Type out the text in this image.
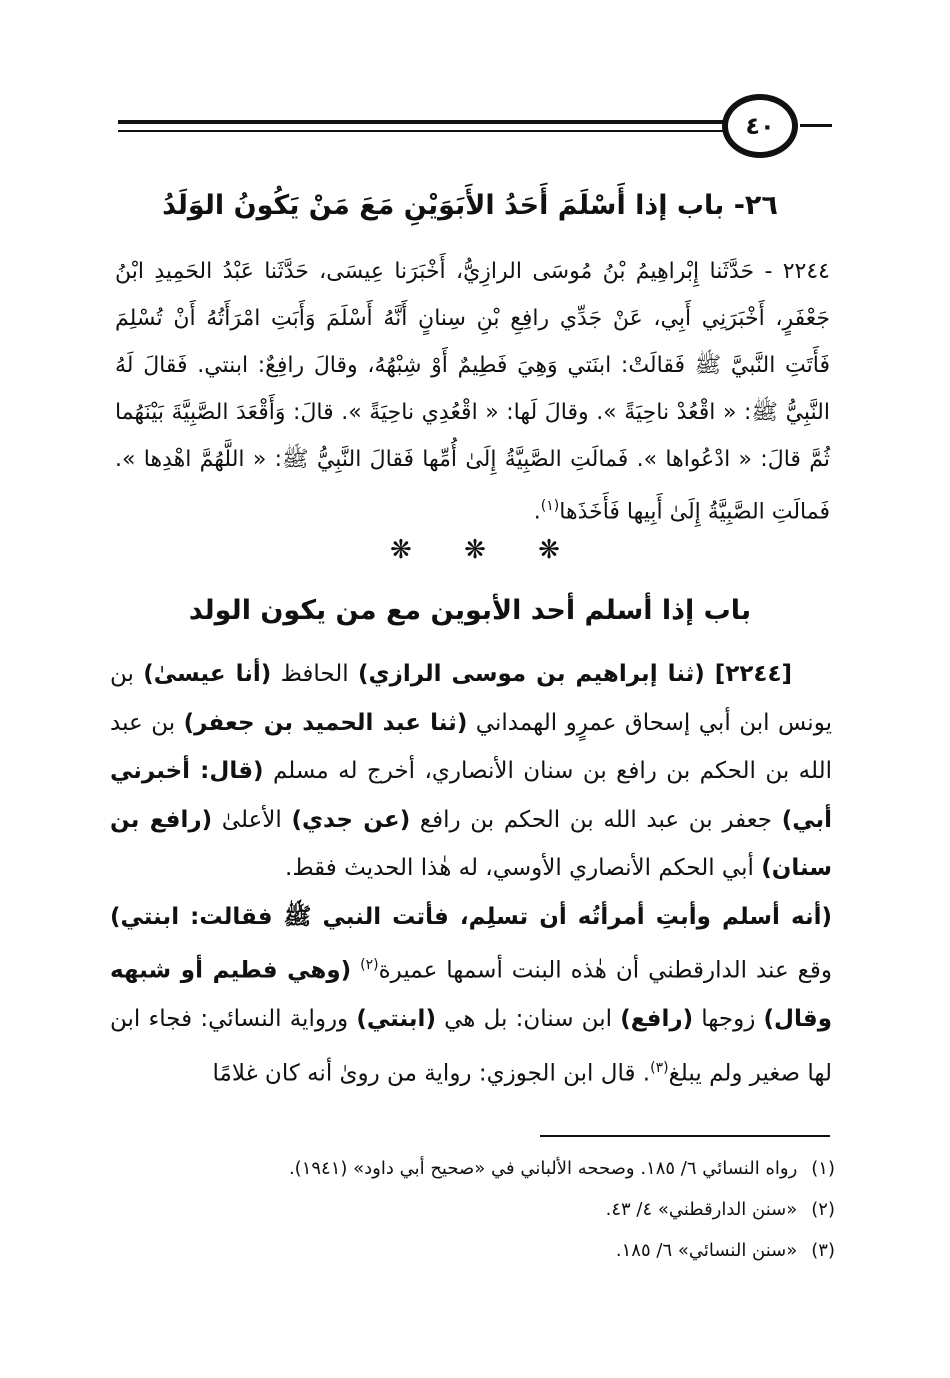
٤٠
٢٦- باب إذا أَسْلَمَ أَحَدُ الأَبَوَيْنِ مَعَ مَنْ يَكُونُ الوَلَدُ

٢٢٤٤ - حَدَّثَنا إِبْراهِيمُ بْنُ مُوسَى الرازِيُّ، أَخْبَرَنا عِيسَى، حَدَّثَنا عَبْدُ الحَمِيدِ ابْنُ جَعْفَرٍ، أَخْبَرَنِي أَبِي، عَنْ جَدِّي رافِعِ بْنِ سِنانٍ أَنَّهُ أَسْلَمَ وَأَبَتِ امْرَأَتُهُ أَنْ تُسْلِمَ فَأَتَتِ النَّبيَّ ﷺ فَقالَتْ: ابنَتي وَهِيَ فَطِيمٌ أَوْ شِبْهُهُ، وقالَ رافِعٌ: ابنتي. فَقالَ لَهُ النَّبِيُّ ﷺ: « اقْعُدْ ناحِيَةً ». وقالَ لَها: « اقْعُدِي ناحِيَةً ». قالَ: وَأَقْعَدَ الصَّبِيَّةَ بَيْنَهُما ثُمَّ قالَ: « ادْعُواها ». فَمالَتِ الصَّبِيَّةُ إِلَىٰ أُمِّها فَقالَ النَّبِيُّ ﷺ: « اللَّهُمَّ اهْدِها ». فَمالَتِ الصَّبِيَّةُ إِلَىٰ أَبِيها فَأَخَذَها$^{(١)}$.

❋ ❋ ❋
باب إذا أسلم أحد الأبوين مع من يكون الولد

[٢٢٤٤] (ثنا إبراهيم بن موسى الرازي) الحافظ (أنا عيسىٰ) بن يونس ابن أبي إسحاق عمرٍو الهمداني (ثنا عبد الحميد بن جعفر) بن عبد الله بن الحكم بن رافع بن سنان الأنصاري، أخرج له مسلم (قال: أخبرني أبي) جعفر بن عبد الله بن الحكم بن رافع (عن جدي) الأعلىٰ (رافع بن سنان) أبي الحكم الأنصاري الأوسي، له هٰذا الحديث فقط.

(أنه أسلم وأبتِ أمرأتُه أن تسلِم، فأتت النبي ﷺ فقالت: ابنتي) وقع عند الدارقطني أن هٰذه البنت أسمها عميرة$^{(٢)}$ (وهي فطيم أو شبهه وقال) زوجها (رافع) ابن سنان: بل هي (ابنتي) ورواية النسائي: فجاء ابن لها صغير ولم يبلغ$^{(٣)}$. قال ابن الجوزي: رواية من روىٰ أنه كان غلامًا

(١)رواه النسائي ٦/ ١٨٥. وصححه الألباني في «صحيح أبي داود» (١٩٤١).
(٢)«سنن الدارقطني» ٤/ ٤٣.
(٣)«سنن النسائي» ٦/ ١٨٥.
